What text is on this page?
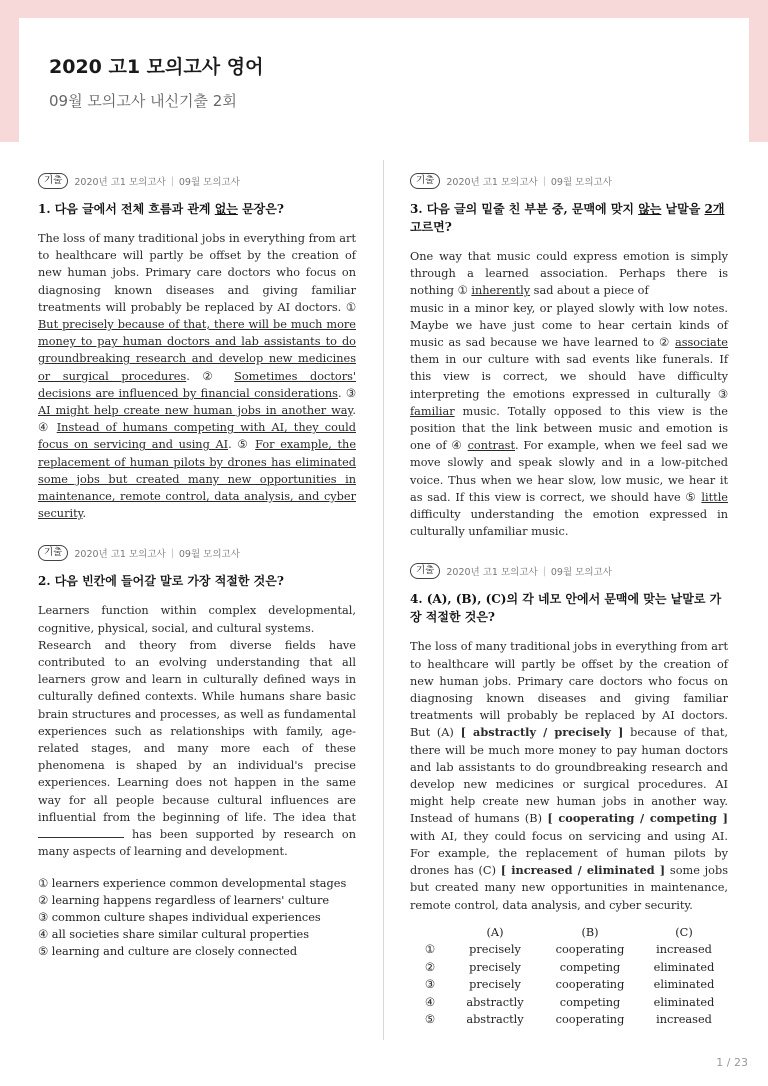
2020 고1 모의고사 영어
09월 모의고사 내신기출 2회
기출	2020년 고1 모의고사 | 09월 모의고사
1. 다음 글에서 전체 흐름과 관계 없는 문장은?
The loss of many traditional jobs in everything from art to healthcare will partly be offset by the creation of new human jobs. Primary care doctors who focus on diagnosing known diseases and giving familiar treatments will probably be replaced by AI doctors. ① But precisely because of that, there will be much more money to pay human doctors and lab assistants to do groundbreaking research and develop new medicines or surgical procedures. ② Sometimes doctors' decisions are influenced by financial considerations. ③ AI might help create new human jobs in another way. ④ Instead of humans competing with AI, they could focus on servicing and using AI. ⑤ For example, the replacement of human pilots by drones has eliminated some jobs but created many new opportunities in maintenance, remote control, data analysis, and cyber security.
기출	2020년 고1 모의고사 | 09월 모의고사
2. 다음 빈칸에 들어갈 말로 가장 적절한 것은?
Learners function within complex developmental, cognitive, physical, social, and cultural systems.
Research and theory from diverse fields have contributed to an evolving understanding that all learners grow and learn in culturally defined ways in culturally defined contexts. While humans share basic brain structures and processes, as well as fundamental experiences such as relationships with family, age-related stages, and many more each of these phenomena is shaped by an individual's precise experiences. Learning does not happen in the same way for all people because cultural influences are influential from the beginning of life. The idea that  has been supported by research on many aspects of learning and development.
① learners experience common developmental stages
② learning happens regardless of learners' culture
③ common culture shapes individual experiences
④ all societies share similar cultural properties
⑤ learning and culture are closely connected
기출	2020년 고1 모의고사 | 09월 모의고사
3. 다음 글의 밑줄 친 부분 중, 문맥에 맞지 않는 낱말을 2개 고르면?
One way that music could express emotion is simply through a learned association. Perhaps there is nothing ① inherently sad about a piece of
music in a minor key, or played slowly with low notes. Maybe we have just come to hear certain kinds of music as sad because we have learned to ② associate them in our culture with sad events like funerals. If this view is correct, we should have difficulty interpreting the emotions expressed in culturally ③ familiar music. Totally opposed to this view is the position that the link between music and emotion is one of ④ contrast. For example, when we feel sad we move slowly and speak slowly and in a low-pitched voice. Thus when we hear slow, low music, we hear it as sad. If this view is correct, we should have ⑤ little difficulty understanding the emotion expressed in culturally unfamiliar music.
기출	2020년 고1 모의고사 | 09월 모의고사
4. (A), (B), (C)의 각 네모 안에서 문맥에 맞는 낱말로 가장 적절한 것은?
The loss of many traditional jobs in everything from art to healthcare will partly be offset by the creation of new human jobs. Primary care doctors who focus on diagnosing known diseases and giving familiar treatments will probably be replaced by AI doctors. But (A) [ abstractly / precisely ] because of that, there will be much more money to pay human doctors and lab assistants to do groundbreaking research and develop new medicines or surgical procedures. AI might help create new human jobs in another way. Instead of humans (B) [ cooperating / competing ] with AI, they could focus on servicing and using AI. For example, the replacement of human pilots by drones has (C) [ increased / eliminated ] some jobs but created many new opportunities in maintenance, remote control, data analysis, and cyber security.
	(A)	(B)	(C)
①	precisely	cooperating	increased
②	precisely	competing	eliminated
③	precisely	cooperating	eliminated
④	abstractly	competing	eliminated
⑤	abstractly	cooperating	increased
1 / 23
